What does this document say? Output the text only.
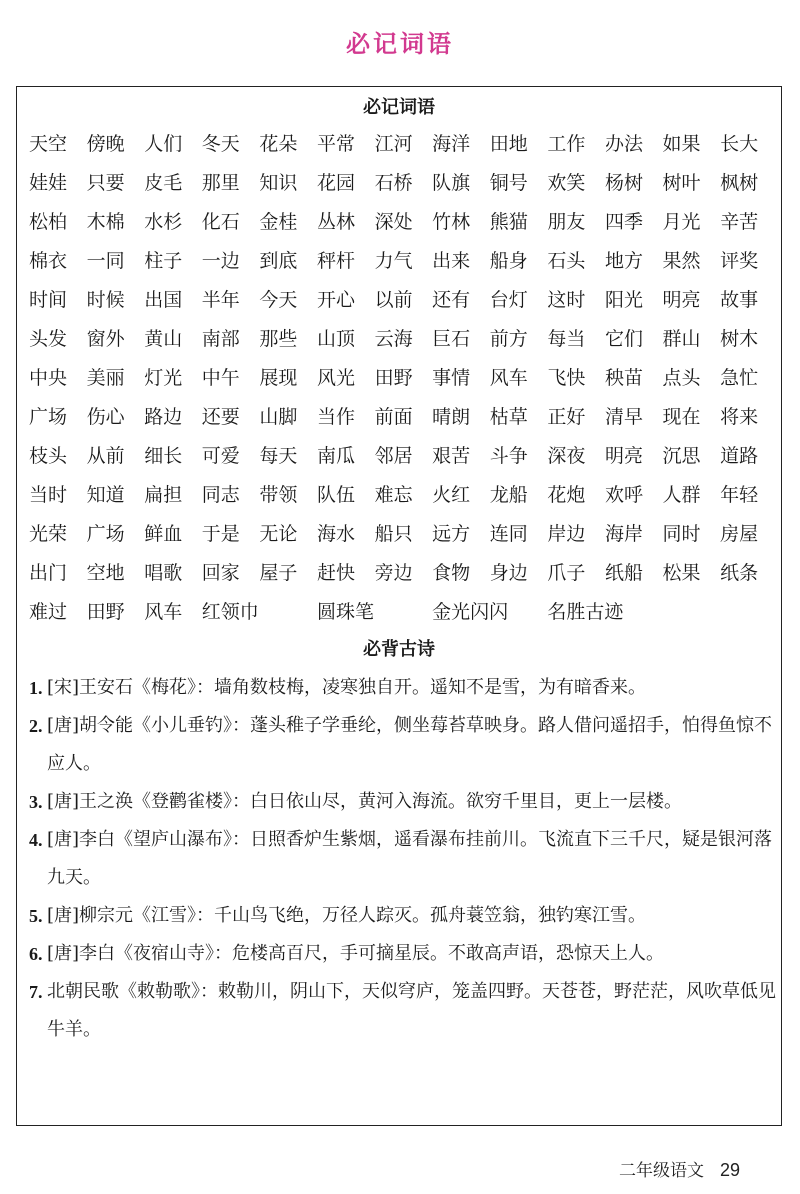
必记词语
必记词语
天空	傍晚	人们	冬天	花朵	平常	江河	海洋	田地	工作	办法	如果	长大
娃娃	只要	皮毛	那里	知识	花园	石桥	队旗	铜号	欢笑	杨树	树叶	枫树
松柏	木棉	水杉	化石	金桂	丛林	深处	竹林	熊猫	朋友	四季	月光	辛苦
棉衣	一同	柱子	一边	到底	秤杆	力气	出来	船身	石头	地方	果然	评奖
时间	时候	出国	半年	今天	开心	以前	还有	台灯	这时	阳光	明亮	故事
头发	窗外	黄山	南部	那些	山顶	云海	巨石	前方	每当	它们	群山	树木
中央	美丽	灯光	中午	展现	风光	田野	事情	风车	飞快	秧苗	点头	急忙
广场	伤心	路边	还要	山脚	当作	前面	晴朗	枯草	正好	清早	现在	将来
枝头	从前	细长	可爱	每天	南瓜	邻居	艰苦	斗争	深夜	明亮	沉思	道路
当时	知道	扁担	同志	带领	队伍	难忘	火红	龙船	花炮	欢呼	人群	年轻
光荣	广场	鲜血	于是	无论	海水	船只	远方	连同	岸边	海岸	同时	房屋
出门	空地	唱歌	回家	屋子	赶快	旁边	食物	身边	爪子	纸船	松果	纸条
难过	田野	风车	红领巾	圆珠笔	金光闪闪	名胜古迹
必背古诗
1. [宋]王安石《梅花》：墙角数枝梅，凌寒独自开。遥知不是雪，为有暗香来。
2. [唐]胡令能《小儿垂钓》：蓬头稚子学垂纶，侧坐莓苔草映身。路人借问遥招手，怕得鱼惊不应人。
3. [唐]王之涣《登鹳雀楼》：白日依山尽，黄河入海流。欲穷千里目，更上一层楼。
4. [唐]李白《望庐山瀑布》：日照香炉生紫烟，遥看瀑布挂前川。飞流直下三千尺，疑是银河落九天。
5. [唐]柳宗元《江雪》：千山鸟飞绝，万径人踪灭。孤舟蓑笠翁，独钓寒江雪。
6. [唐]李白《夜宿山寺》：危楼高百尺，手可摘星辰。不敢高声语，恐惊天上人。
7. 北朝民歌《敕勒歌》：敕勒川，阴山下，天似穹庐，笼盖四野。天苍苍，野茫茫，风吹草低见牛羊。
二年级语文 29
